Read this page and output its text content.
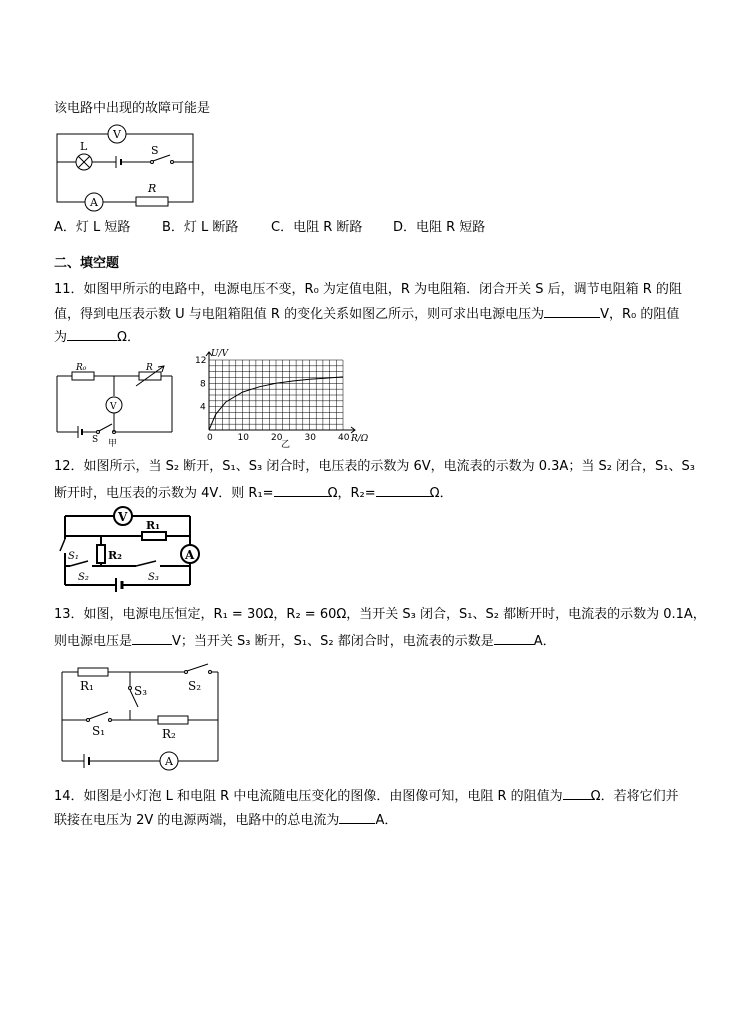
该电路中出现的故障可能是
V
L	S
A
R
A．灯 L 短路 B．灯 L 断路	C．电阻 R 断路 D．电阻 R 短路
二、填空题
11．如图甲所示的电路中，电源电压不变，R₀ 为定值电阻，R 为电阻箱．闭合开关 S 后，调节电阻箱 R 的阻
值，得到电压表示数 U 与电阻箱阻值 R 的变化关系如图乙所示，则可求出电源电压为	V，R₀ 的阻值
为	Ω．
R₀	R
V
S 甲
0	10 20 30 40
4
8
12
U/V
R/Ω
乙
12．如图所示，当 S₂ 断开，S₁、S₃ 闭合时，电压表的示数为 6V，电流表的示数为 0.3A；当 S₂ 闭合，S₁、S₃
断开时，电压表的示数为 4V．则 R₁=	Ω，R₂=	Ω．
V
R₁
R₂	A
S₁
S₂	S₃
13．如图，电源电压恒定，R₁ = 30Ω，R₂ = 60Ω，当开关 S₃ 闭合，S₁、S₂ 都断开时，电流表的示数为 0.1A，
则电源电压是	V；当开关 S₃ 断开，S₁、S₂ 都闭合时，电流表的示数是	A．
R₁	S₃	S₂
S₁	R₂
A
14．如图是小灯泡 L 和电阻 R 中电流随电压变化的图像．由图像可知，电阻 R 的阻值为 Ω．若将它们并
联接在电压为 2V 的电源两端，电路中的总电流为	A．
